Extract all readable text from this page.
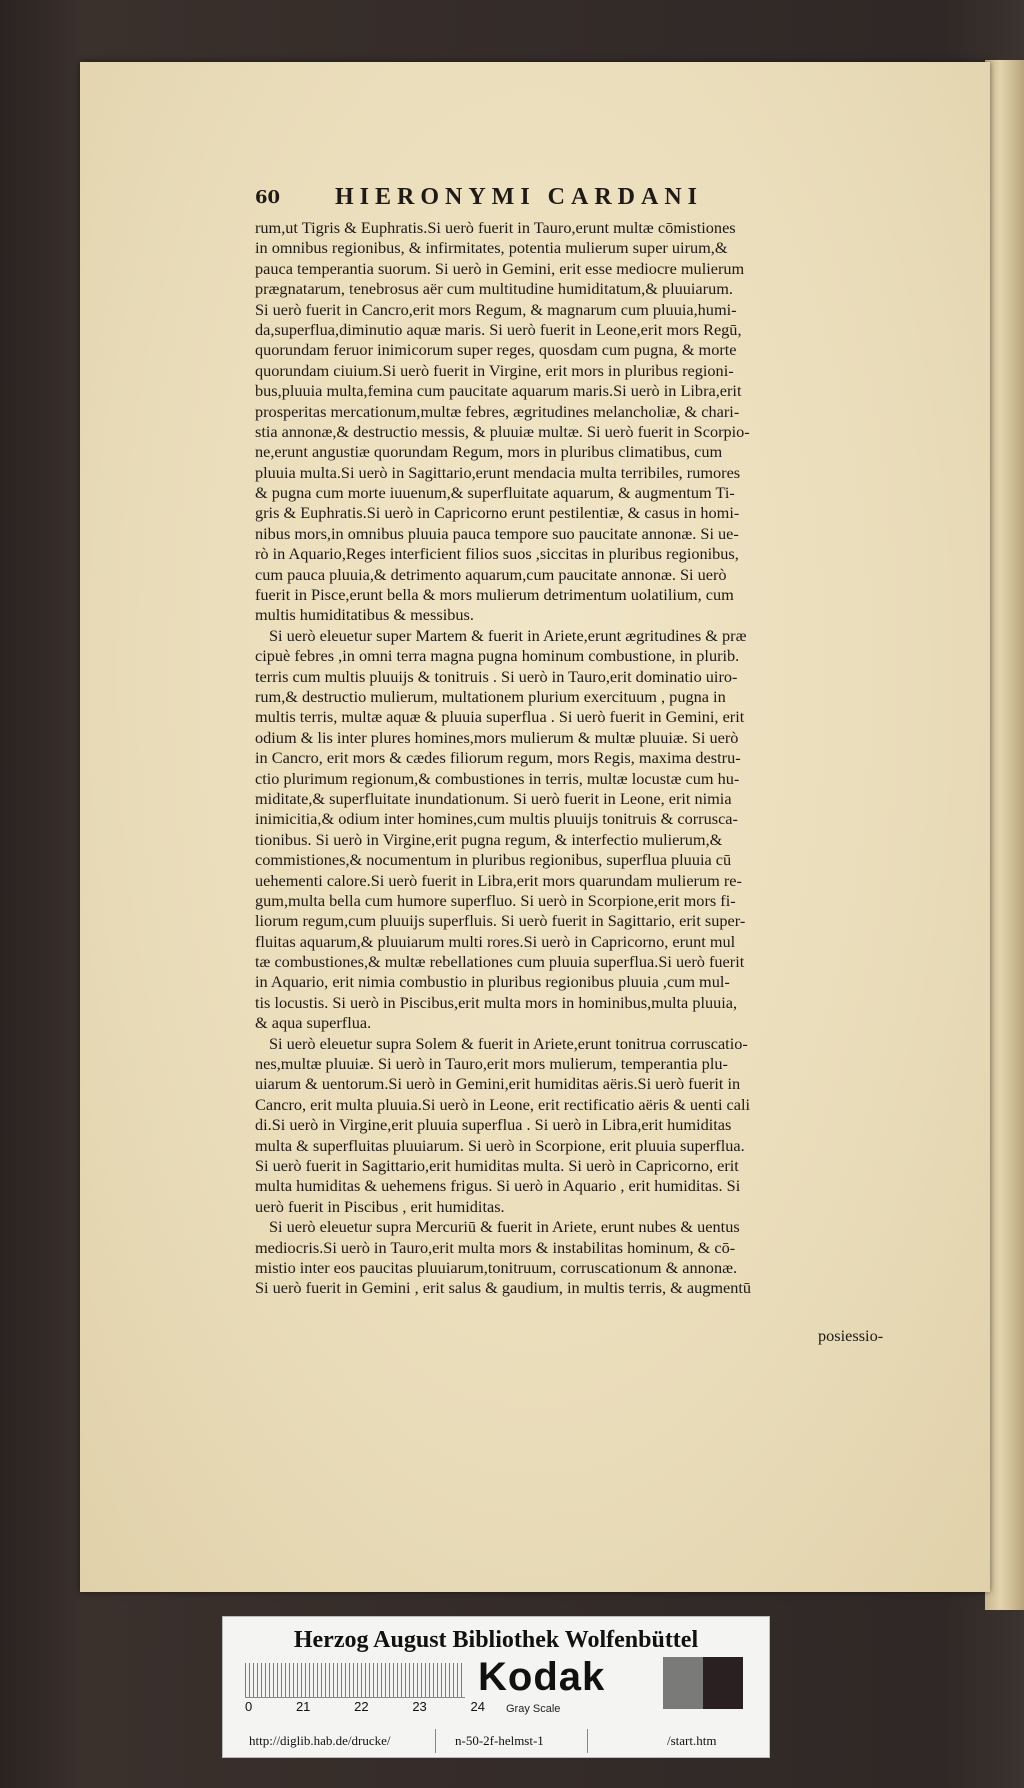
60	HIERONYMI CARDANI
rum,ut Tigris & Euphratis.Si uerò fuerit in Tauro,erunt multæ cōmistiones
in omnibus regionibus, & infirmitates, potentia mulierum super uirum,&
pauca temperantia suorum. Si uerò in Gemini, erit esse mediocre mulierum
prægnatarum, tenebrosus aër cum multitudine humiditatum,& pluuiarum.
Si uerò fuerit in Cancro,erit mors Regum, & magnarum cum pluuia,humi-
da,superflua,diminutio aquæ maris. Si uerò fuerit in Leone,erit mors Regū,
quorundam feruor inimicorum super reges, quosdam cum pugna, & morte
quorundam ciuium.Si uerò fuerit in Virgine, erit mors in pluribus regioni-
bus,pluuia multa,femina cum paucitate aquarum maris.Si uerò in Libra,erit
prosperitas mercationum,multæ febres, ægritudines melancholiæ, & chari-
stia annonæ,& destructio messis, & pluuiæ multæ. Si uerò fuerit in Scorpio-
ne,erunt angustiæ quorundam Regum, mors in pluribus climatibus, cum
pluuia multa.Si uerò in Sagittario,erunt mendacia multa terribiles, rumores
& pugna cum morte iuuenum,& superfluitate aquarum, & augmentum Ti-
gris & Euphratis.Si uerò in Capricorno erunt pestilentiæ, & casus in homi-
nibus mors,in omnibus pluuia pauca tempore suo paucitate annonæ. Si ue-
rò in Aquario,Reges interficient filios suos ,siccitas in pluribus regionibus,
cum pauca pluuia,& detrimento aquarum,cum paucitate annonæ. Si uerò
fuerit in Pisce,erunt bella & mors mulierum detrimentum uolatilium, cum
multis humiditatibus & messibus.
Si uerò eleuetur super Martem & fuerit in Ariete,erunt ægritudines & præ
cipuè febres ,in omni terra magna pugna hominum combustione, in plurib.
terris cum multis pluuijs & tonitruis . Si uerò in Tauro,erit dominatio uiro-
rum,& destructio mulierum, multationem plurium exercituum , pugna in
multis terris, multæ aquæ & pluuia superflua . Si uerò fuerit in Gemini, erit
odium & lis inter plures homines,mors mulierum & multæ pluuiæ. Si uerò
in Cancro, erit mors & cædes filiorum regum, mors Regis, maxima destru-
ctio plurimum regionum,& combustiones in terris, multæ locustæ cum hu-
miditate,& superfluitate inundationum. Si uerò fuerit in Leone, erit nimia
inimicitia,& odium inter homines,cum multis pluuijs tonitruis & corrusca-
tionibus. Si uerò in Virgine,erit pugna regum, & interfectio mulierum,&
commistiones,& nocumentum in pluribus regionibus, superflua pluuia cū
uehementi calore.Si uerò fuerit in Libra,erit mors quarundam mulierum re-
gum,multa bella cum humore superfluo. Si uerò in Scorpione,erit mors fi-
liorum regum,cum pluuijs superfluis. Si uerò fuerit in Sagittario, erit super-
fluitas aquarum,& pluuiarum multi rores.Si uerò in Capricorno, erunt mul
tæ combustiones,& multæ rebellationes cum pluuia superflua.Si uerò fuerit
in Aquario, erit nimia combustio in pluribus regionibus pluuia ,cum mul-
tis locustis. Si uerò in Piscibus,erit multa mors in hominibus,multa pluuia,
& aqua superflua.
Si uerò eleuetur supra Solem & fuerit in Ariete,erunt tonitrua corruscatio-
nes,multæ pluuiæ. Si uerò in Tauro,erit mors mulierum, temperantia plu-
uiarum & uentorum.Si uerò in Gemini,erit humiditas aëris.Si uerò fuerit in
Cancro, erit multa pluuia.Si uerò in Leone, erit rectificatio aëris & uenti cali
di.Si uerò in Virgine,erit pluuia superflua . Si uerò in Libra,erit humiditas
multa & superfluitas pluuiarum. Si uerò in Scorpione, erit pluuia superflua.
Si uerò fuerit in Sagittario,erit humiditas multa. Si uerò in Capricorno, erit
multa humiditas & uehemens frigus. Si uerò in Aquario , erit humiditas. Si
uerò fuerit in Piscibus , erit humiditas.
Si uerò eleuetur supra Mercuriū & fuerit in Ariete, erunt nubes & uentus
mediocris.Si uerò in Tauro,erit multa mors & instabilitas hominum, & cō-
mistio inter eos paucitas pluuiarum,tonitruum, corruscationum & annonæ.
Si uerò fuerit in Gemini , erit salus & gaudium, in multis terris, & augmentū
posiessio-
Herzog August Bibliothek Wolfenbüttel
0	21	22	23	24
Kodak
Gray Scale
http://diglib.hab.de/drucke/	n-50-2f-helmst-1	/start.htm
